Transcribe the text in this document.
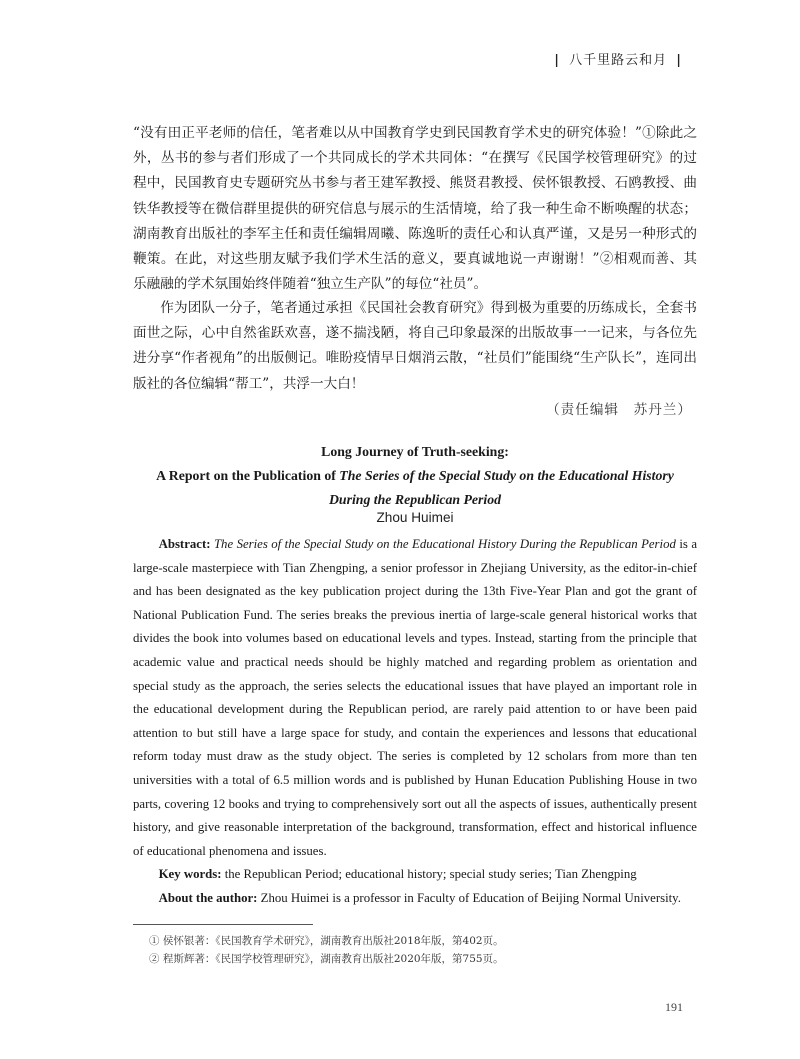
| 八千里路云和月 |

“没有田正平老师的信任，笔者难以从中国教育学史到民国教育学术史的研究体验！”①除此之外，丛书的参与者们形成了一个共同成长的学术共同体：“在撰写《民国学校管理研究》的过程中，民国教育史专题研究丛书参与者王建军教授、熊贤君教授、侯怀银教授、石鸥教授、曲铁华教授等在微信群里提供的研究信息与展示的生活情境，给了我一种生命不断唤醒的状态；湖南教育出版社的李军主任和责任编辑周曦、陈逸昕的责任心和认真严谨，又是另一种形式的鞭策。在此，对这些朋友赋予我们学术生活的意义，要真诚地说一声谢谢！”②相观而善、其乐融融的学术氛围始终伴随着“独立生产队”的每位“社员”。

作为团队一分子，笔者通过承担《民国社会教育研究》得到极为重要的历练成长，全套书面世之际，心中自然雀跃欢喜，遂不揣浅陋，将自己印象最深的出版故事一一记来，与各位先进分享“作者视角”的出版侧记。唯盼疫情早日烟消云散，“社员们”能围绕“生产队长”，连同出版社的各位编辑“帮工”，共浮一大白！

（责任编辑　苏丹兰）
Long Journey of Truth-seeking:
A Report on the Publication of The Series of the Special Study on the Educational History
During the Republican Period
Zhou Huimei

Abstract: The Series of the Special Study on the Educational History During the Republican Period is a large-scale masterpiece with Tian Zhengping, a senior professor in Zhejiang University, as the editor-in-chief and has been designated as the key publication project during the 13th Five-Year Plan and got the grant of National Publication Fund. The series breaks the previous inertia of large-scale general historical works that divides the book into volumes based on educational levels and types. Instead, starting from the principle that academic value and practical needs should be highly matched and regarding problem as orientation and special study as the approach, the series selects the educational issues that have played an important role in the educational development during the Republican period, are rarely paid attention to or have been paid attention to but still have a large space for study, and contain the experiences and lessons that educational reform today must draw as the study object. The series is completed by 12 scholars from more than ten universities with a total of 6.5 million words and is published by Hunan Education Publishing House in two parts, covering 12 books and trying to comprehensively sort out all the aspects of issues, authentically present history, and give reasonable interpretation of the background, transformation, effect and historical influence of educational phenomena and issues.

Key words: the Republican Period; educational history; special study series; Tian Zhengping

About the author: Zhou Huimei is a professor in Faculty of Education of Beijing Normal University.

① 侯怀银著：《民国教育学术研究》，湖南教育出版社2018年版，第402页。
② 程斯辉著：《民国学校管理研究》，湖南教育出版社2020年版，第755页。
191
